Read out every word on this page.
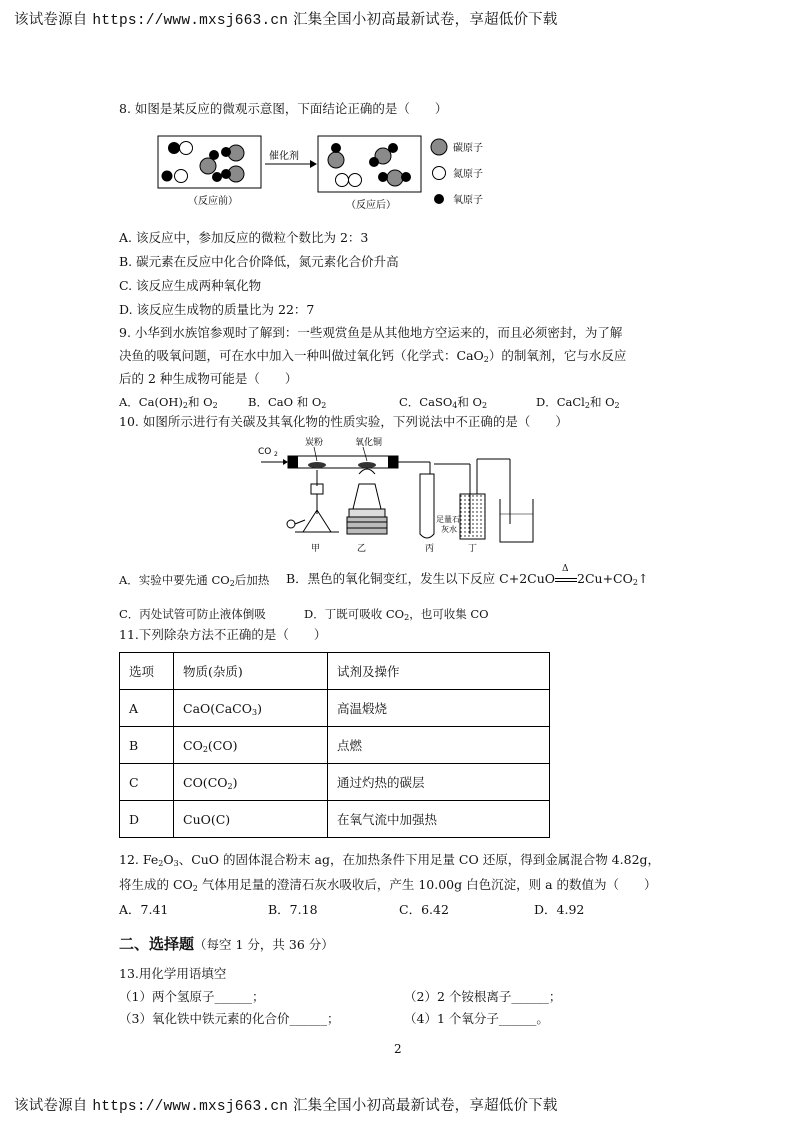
该试卷源自 https://www.mxsj663.cn 汇集全国小初高最新试卷，享超低价下载
8. 如图是某反应的微观示意图，下面结论正确的是（　　）
（反应前）
催化剂
（反应后）
碳原子
氮原子
氧原子
A. 该反应中，参加反应的微粒个数比为 2：3
B. 碳元素在反应中化合价降低，氮元素化合价升高
C. 该反应生成两种氧化物
D. 该反应生成物的质量比为 22：7
9. 小华到水族馆参观时了解到：一些观赏鱼是从其他地方空运来的，而且必须密封，为了解
决鱼的吸氧问题，可在水中加入一种叫做过氧化钙（化学式：CaO$_2$）的制氧剂，它与水反应
后的 2 种生成物可能是（　　）
A．$Ca(OH)_2$和 $O_2$	B．CaO 和 $O_2$	C．CaSO$_4$和 $O_2$	D．CaCl$_2$和 $O_2$
10. 如图所示进行有关碳及其氧化物的性质实验，下列说法中不正确的是（　　）
CO 2
炭粉	氧化铜
足量石
灰水
甲	乙	丙	丁
A．实验中要先通 $CO_2$后加热 B．黑色的氧化铜变红，发生以下反应 C+2CuO
Δ
$2Cu+CO_2↑$
C．丙处试管可防止液体倒吸	D．丁既可吸收 $CO_2$，也可收集 CO
11.下列除杂方法不正确的是（　　）
选项	物质(杂质)	试剂及操作
A	CaO(CaCO$_3$)	高温煅烧
B	$CO_2(CO)$	点燃
C	$CO(CO_2)$	通过灼热的碳层
D	CuO(C)	在氧气流中加强热
12. $Fe_2O_3$、CuO 的固体混合粉末 ag，在加热条件下用足量 CO 还原，得到金属混合物 4.82g，
将生成的 $CO_2$ 气体用足量的澄清石灰水吸收后，产生 10.00g 白色沉淀，则 a 的数值为（　　）
A．7.41	B．7.18	C．6.42	D．4.92
二、选择题（每空 1 分，共 36 分）
13.用化学用语填空
（1）两个氢原子______；	（2）2 个铵根离子______；
（3）氧化铁中铁元素的化合价______；	（4）1 个氧分子______。
2
该试卷源自 https://www.mxsj663.cn 汇集全国小初高最新试卷，享超低价下载
